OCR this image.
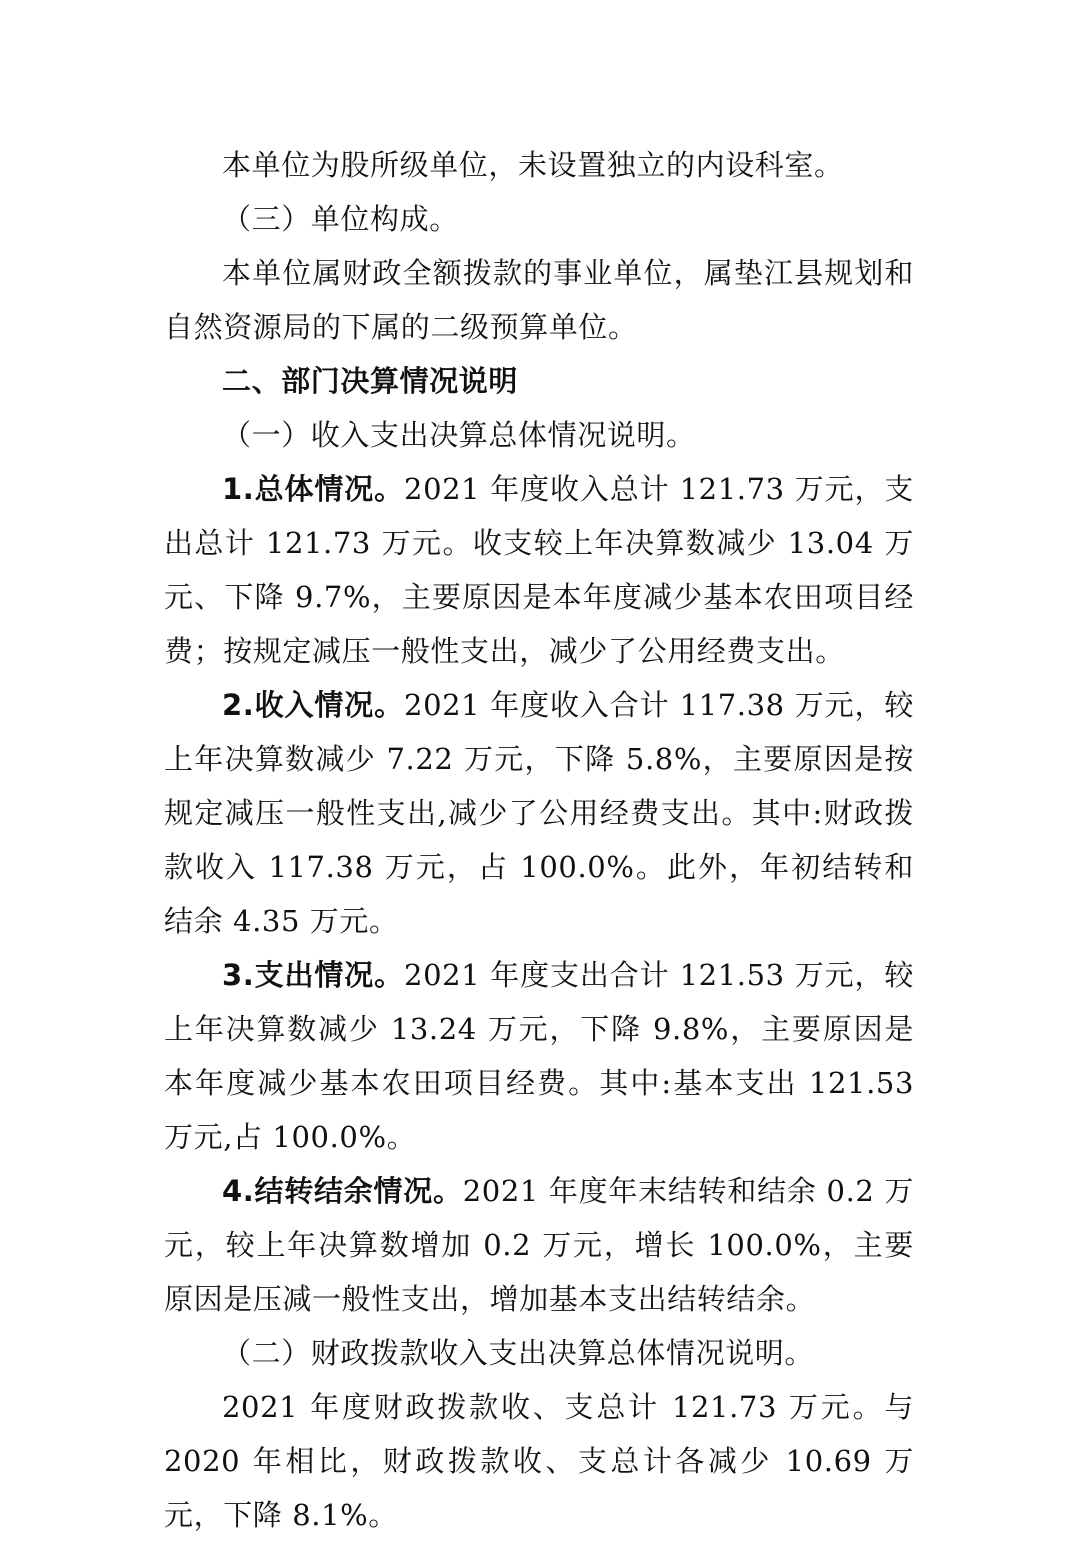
本单位为股所级单位，未设置独立的内设科室。

（三）单位构成。

本单位属财政全额拨款的事业单位，属垫江县规划和自然资源局的下属的二级预算单位。

二、部门决算情况说明

（一）收入支出决算总体情况说明。

1.总体情况。2021 年度收入总计 121.73 万元，支出总计 121.73 万元。收支较上年决算数减少 13.04 万元、下降 9.7%，主要原因是本年度减少基本农田项目经费；按规定减压一般性支出，减少了公用经费支出。

2.收入情况。2021 年度收入合计 117.38 万元，较上年决算数减少 7.22 万元，下降 5.8%，主要原因是按规定减压一般性支出,减少了公用经费支出。其中:财政拨款收入 117.38 万元，占 100.0%。此外，年初结转和结余 4.35 万元。

3.支出情况。2021 年度支出合计 121.53 万元，较上年决算数减少 13.24 万元，下降 9.8%，主要原因是本年度减少基本农田项目经费。其中:基本支出 121.53 万元,占 100.0%。

4.结转结余情况。2021 年度年末结转和结余 0.2 万元，较上年决算数增加 0.2 万元，增长 100.0%，主要原因是压减一般性支出，增加基本支出结转结余。

（二）财政拨款收入支出决算总体情况说明。

2021 年度财政拨款收、支总计 121.73 万元。与 2020 年相比，财政拨款收、支总计各减少 10.69 万元，下降 8.1%。
